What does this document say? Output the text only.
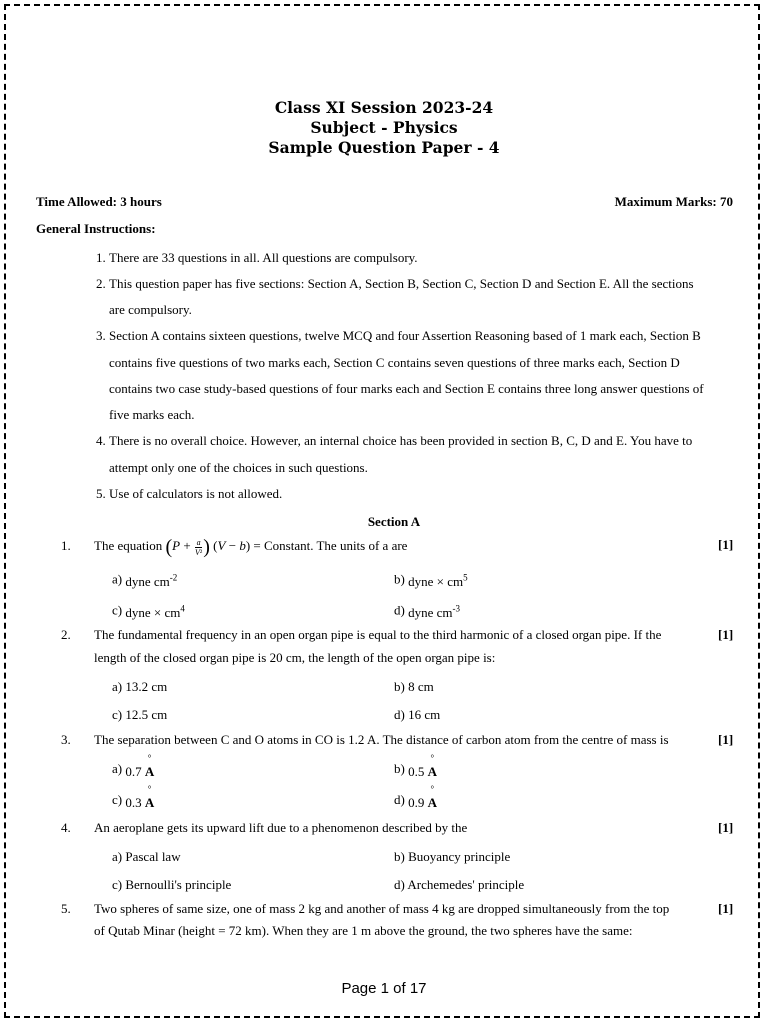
Class XI Session 2023-24
Subject - Physics
Sample Question Paper - 4
Time Allowed: 3 hours	Maximum Marks: 70
General Instructions:
1. There are 33 questions in all. All questions are compulsory.
2. This question paper has five sections: Section A, Section B, Section C, Section D and Section E. All the sections
are compulsory.
3. Section A contains sixteen questions, twelve MCQ and four Assertion Reasoning based of 1 mark each, Section B
contains five questions of two marks each, Section C contains seven questions of three marks each, Section D
contains two case study-based questions of four marks each and Section E contains three long answer questions of
five marks each.
4. There is no overall choice. However, an internal choice has been provided in section B, C, D and E. You have to
attempt only one of the choices in such questions.
5. Use of calculators is not allowed.
Section A
1. The equation ($P + \frac{a}{\text{V²}}$ ) (V − b) = Constant. The units of a are	[1]
a) dyne $cm^{-2}$	b) dyne × $cm^5$
c) dyne × $cm^4$	d) dyne $cm^{-3}$
2. The fundamental frequency in an open organ pipe is equal to the third harmonic of a closed organ pipe. If the
length of the closed organ pipe is 20 cm, the length of the open organ pipe is:
[1]
a) 13.2 cm	b) 8 cm
c) 12.5 cm	d) 16 cm
3. The separation between C and O atoms in CO is 1.2 A. The distance of carbon atom from the centre of mass is	[1]
a) 0.7 ° A	b) 0.5 ° A
c) 0.3 ° A	d) 0.9 ° A
4. An aeroplane gets its upward lift due to a phenomenon described by the	[1]
a) Pascal law	b) Buoyancy principle
c) Bernoulli's principle	d) Archemedes' principle
5. Two spheres of same size, one of mass 2 kg and another of mass 4 kg are dropped simultaneously from the top
of Qutab Minar (height = 72 km). When they are 1 m above the ground, the two spheres have the same:
[1]
Page 1 of 17
